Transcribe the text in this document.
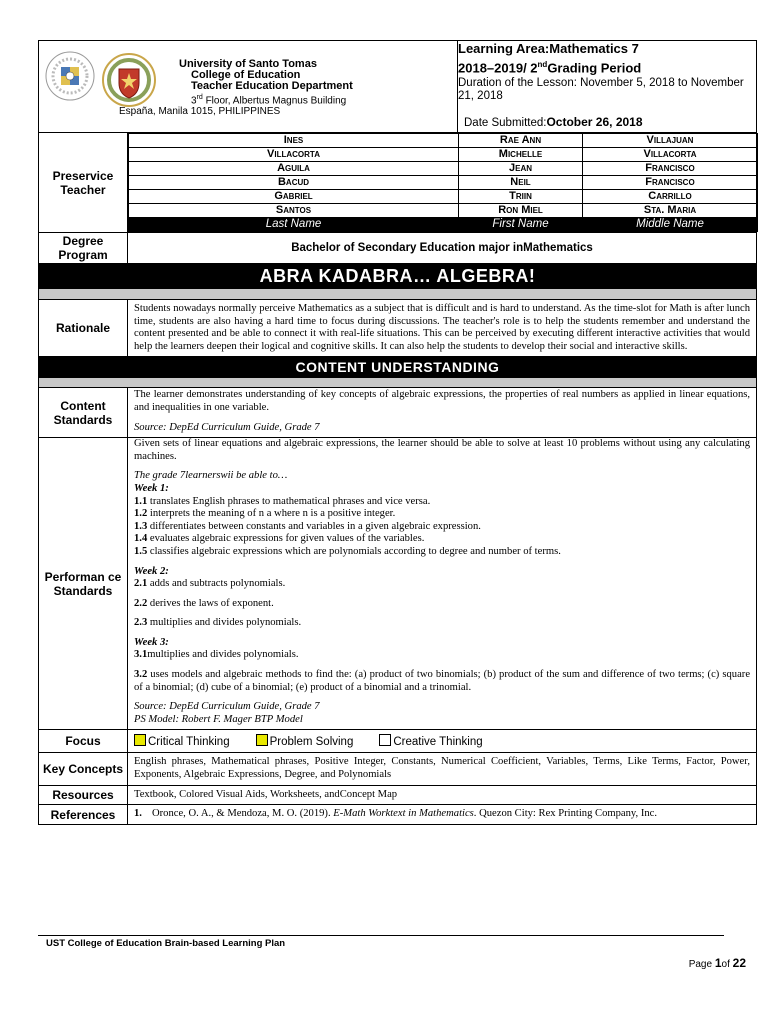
University of Santo Tomas
College of Education
Teacher Education Department
3rd Floor, Albertus Magnus Building
España, Manila 1015, PHILIPPINES

Learning Area:Mathematics 7
2018–2019/ 2ndGrading Period
Duration of the Lesson: November 5, 2018 to November 21, 2018
Date Submitted:October 26, 2018

Preservice Teacher	
Ines	Rae Ann	Villajuan
Villacorta	Michelle	Villacorta
Aguila	Jean	Francisco
Bacud	Neil	Francisco
Gabriel	Triin	Carrillo
Santos	Ron Miel	Sta. Maria
Last Name	First Name	Middle Name

Degree Program	Bachelor of Secondary Education major inMathematics

ABRA KADABRA… ALGEBRA!

Rationale	
Students nowadays normally perceive Mathematics as a subject that is difficult and is hard to understand. As the time-slot for Math is after lunch time, students are also having a hard time to focus during discussions. The teacher's role is to help the students remember and understand the content presented and be able to connect it with real-life situations. This can be perceived by executing different interactive activities that would help the learners deepen their logical and cognitive skills. It can also help the students to develop their social and interactive skills.

CONTENT UNDERSTANDING

Content Standards	

The learner demonstrates understanding of key concepts of algebraic expressions, the properties of real numbers as applied in linear equations, and inequalities in one variable.

Source: DepEd Curriculum Guide, Grade 7

Performan ce Standards	

Given sets of linear equations and algebraic expressions, the learner should be able to solve at least 10 problems without using any calculating machines.

The grade 7learnerswii be able to…

Week 1:

1.1 translates English phrases to mathematical phrases and vice versa.

1.2 interprets the meaning of n a where n is a positive integer.

1.3 differentiates between constants and variables in a given algebraic expression.

1.4 evaluates algebraic expressions for given values of the variables.

1.5 classifies algebraic expressions which are polynomials according to degree and number of terms.

Week 2:

2.1 adds and subtracts polynomials.

2.2 derives the laws of exponent.

2.3 multiplies and divides polynomials.

Week 3:

3.1multiplies and divides polynomials.

3.2 uses models and algebraic methods to find the: (a) product of two binomials; (b) product of the sum and difference of two terms; (c) square of a binomial; (d) cube of a binomial; (e) product of a binomial and a trinomial.

Source: DepEd Curriculum Guide, Grade 7

PS Model: Robert F. Mager BTP Model

Focus	Critical Thinking	Problem Solving	Creative Thinking
Key Concepts	
English phrases, Mathematical phrases, Positive Integer, Constants, Numerical Coefficient, Variables, Terms, Like Terms, Factor, Power, Exponents, Algebraic Expressions, Degree, and Polynomials

Resources	Textbook, Colored Visual Aids, Worksheets, andConcept Map

References	1. Oronce, O. A., & Mendoza, M. O. (2019). E-Math Worktext in Mathematics. Quezon City: Rex Printing Company, Inc.
UST College of Education Brain-based Learning Plan
Page 1of 22
